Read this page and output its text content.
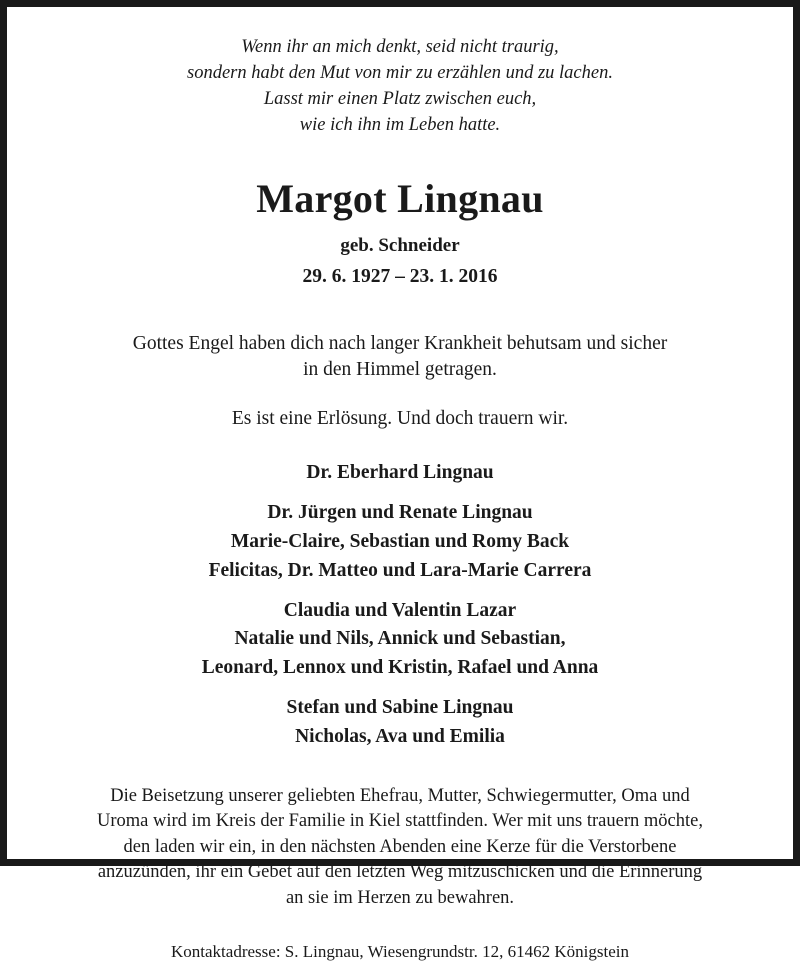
Wenn ihr an mich denkt, seid nicht traurig,
sondern habt den Mut von mir zu erzählen und zu lachen.
Lasst mir einen Platz zwischen euch,
wie ich ihn im Leben hatte.
Margot Lingnau
geb. Schneider
29. 6. 1927 – 23. 1. 2016
Gottes Engel haben dich nach langer Krankheit behutsam und sicher
in den Himmel getragen.
Es ist eine Erlösung. Und doch trauern wir.
Dr. Eberhard Lingnau
Dr. Jürgen und Renate Lingnau
Marie-Claire, Sebastian und Romy Back
Felicitas, Dr. Matteo und Lara-Marie Carrera
Claudia und Valentin Lazar
Natalie und Nils, Annick und Sebastian,
Leonard, Lennox und Kristin, Rafael und Anna
Stefan und Sabine Lingnau
Nicholas, Ava und Emilia
Die Beisetzung unserer geliebten Ehefrau, Mutter, Schwiegermutter, Oma und
Uroma wird im Kreis der Familie in Kiel stattfinden. Wer mit uns trauern möchte,
den laden wir ein, in den nächsten Abenden eine Kerze für die Verstorbene
anzuzünden, ihr ein Gebet auf den letzten Weg mitzuschicken und die Erinnerung
an sie im Herzen zu bewahren.
Kontaktadresse: S. Lingnau, Wiesengrundstr. 12, 61462 Königstein
